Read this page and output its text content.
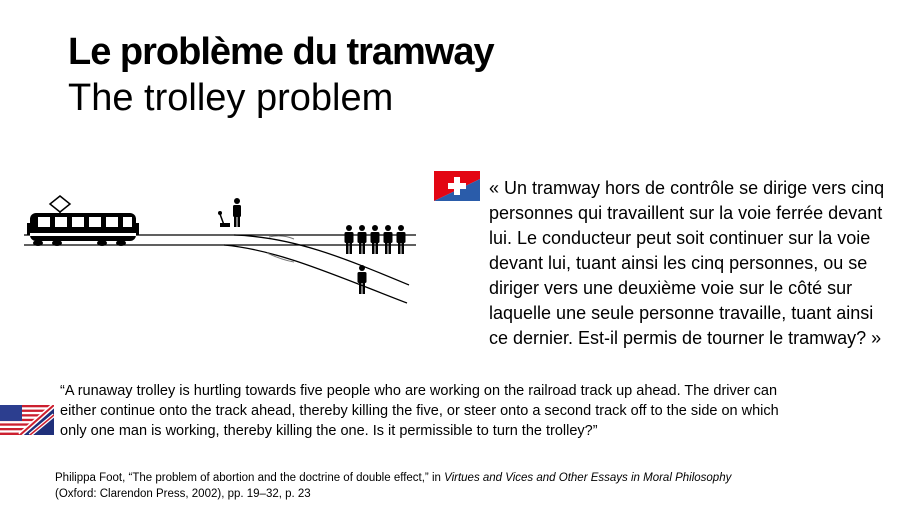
Le problème du tramway
The trolley problem
« Un tramway hors de contrôle se dirige vers cinq
personnes qui travaillent sur la voie ferrée devant
lui. Le conducteur peut soit continuer sur la voie
devant lui, tuant ainsi les cinq personnes, ou se
diriger vers une deuxième voie sur le côté sur
laquelle une seule personne travaille, tuant ainsi
ce dernier. Est-il permis de tourner le tramway? »
“A runaway trolley is hurtling towards five people who are working on the railroad track up ahead. The driver can
either continue onto the track ahead, thereby killing the five, or steer onto a second track off to the side on which
only one man is working, thereby killing the one. Is it permissible to turn the trolley?”
Philippa Foot, “The problem of abortion and the doctrine of double effect,” in Virtues and Vices and Other Essays in Moral Philosophy
(Oxford: Clarendon Press, 2002), pp. 19–32, p. 23
